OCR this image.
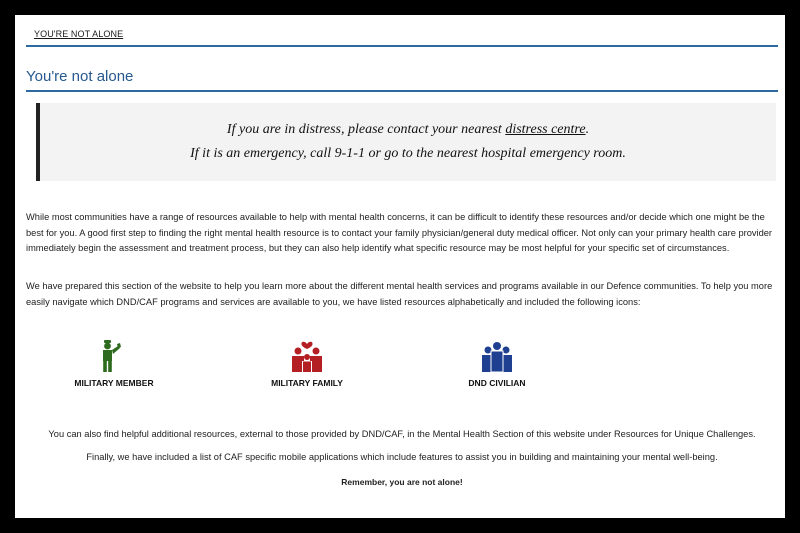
YOU'RE NOT ALONE
You're not alone
If you are in distress, please contact your nearest distress centre.
If it is an emergency, call 9-1-1 or go to the nearest hospital emergency room.

While most communities have a range of resources available to help with mental health concerns, it can be difficult to identify these resources and/or decide which one might be the best for you. A good first step to finding the right mental health resource is to contact your family physician/general duty medical officer. Not only can your primary health care provider immediately begin the assessment and treatment process, but they can also help identify what specific resource may be most helpful for your specific set of circumstances.

We have prepared this section of the website to help you learn more about the different mental health services and programs available in our Defence communities. To help you more easily navigate which DND/CAF programs and services are available to you, we have listed resources alphabetically and included the following icons:

MILITARY MEMBER	MILITARY FAMILY	DND CIVILIAN

You can also find helpful additional resources, external to those provided by DND/CAF, in the Mental Health Section of this website under Resources for Unique Challenges.

Finally, we have included a list of CAF specific mobile applications which include features to assist you in building and maintaining your mental well-being.

Remember, you are not alone!
